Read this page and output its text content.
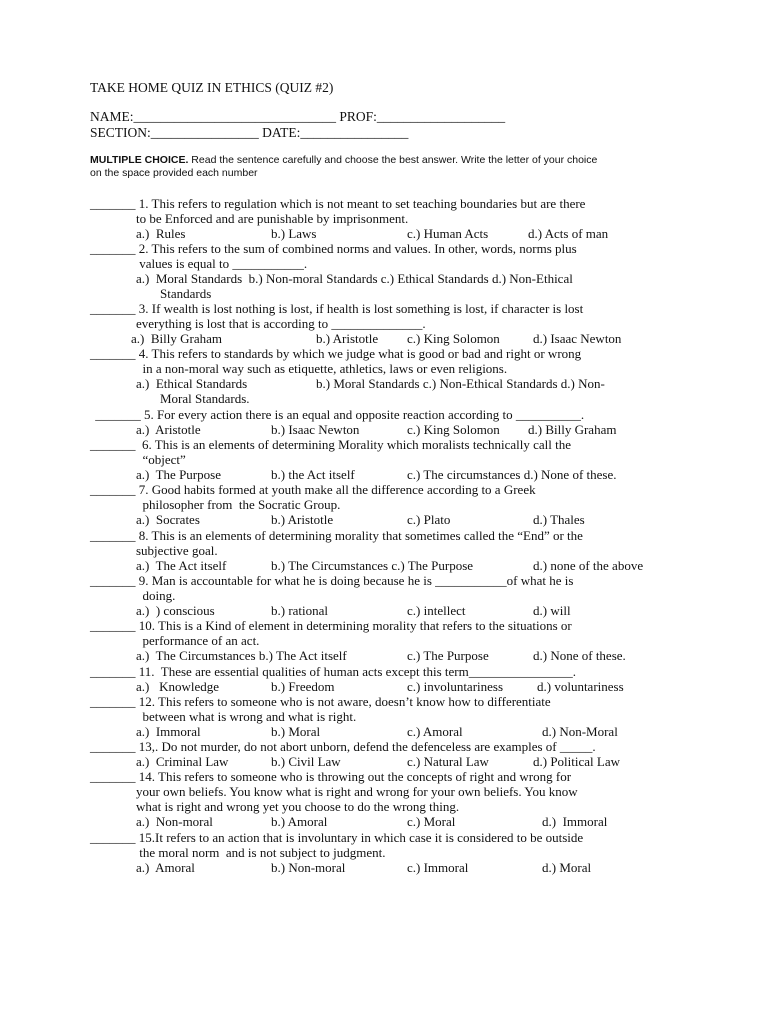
TAKE HOME QUIZ IN ETHICS (QUIZ #2)
NAME:______________________________ PROF:___________________
SECTION:________________ DATE:________________
MULTIPLE CHOICE. Read the sentence carefully and choose the best answer. Write the letter of your choice
on the space provided each number
_______ 1. This refers to regulation which is not meant to set teaching boundaries but are there
to be Enforced and are punishable by imprisonment.
a.)  Rules	b.) Laws	c.) Human Acts	d.) Acts of man
_______ 2. This refers to the sum of combined norms and values. In other, words, norms plus
values is equal to ___________.
a.)  Moral Standards  b.) Non-moral Standards c.) Ethical Standards d.) Non-Ethical
Standards
_______ 3. If wealth is lost nothing is lost, if health is lost something is lost, if character is lost
everything is lost that is according to ______________.
a.)  Billy Graham	b.) Aristotle c.) King Solomon	d.) Isaac Newton
_______ 4. This refers to standards by which we judge what is good or bad and right or wrong
in a non-moral way such as etiquette, athletics, laws or even religions.
a.)  Ethical Standards	b.) Moral Standards c.) Non-Ethical Standards d.) Non-
Moral Standards.
_______ 5. For every action there is an equal and opposite reaction according to __________.
a.)  Aristotle	b.) Isaac Newton	c.) King Solomon d.) Billy Graham
_______  6. This is an elements of determining Morality which moralists technically call the
“object”
a.)  The Purpose	b.) the Act itself	c.) The circumstances d.) None of these.
_______ 7. Good habits formed at youth make all the difference according to a Greek
philosopher from  the Socratic Group.
a.)  Socrates	b.) Aristotle	c.) Plato	d.) Thales
_______ 8. This is an elements of determining morality that sometimes called the “End” or the
subjective goal.
a.)  The Act itself	b.) The Circumstances c.) The Purpose	d.) none of the above
_______ 9. Man is accountable for what he is doing because he is ___________of what he is
doing.
a.)  ) conscious	b.) rational	c.) intellect	d.) will
_______ 10. This is a Kind of element in determining morality that refers to the situations or
performance of an act.
a.)  The Circumstances b.) The Act itself	c.) The Purpose	d.) None of these.
_______ 11.  These are essential qualities of human acts except this term________________.
a.)   Knowledge	b.) Freedom	c.) involuntariness	d.) voluntariness
_______ 12. This refers to someone who is not aware, doesn’t know how to differentiate
between what is wrong and what is right.
a.)  Immoral	b.) Moral	c.) Amoral	d.) Non-Moral
_______ 13,. Do not murder, do not abort unborn, defend the defenceless are examples of _____.
a.)  Criminal Law	b.) Civil Law	c.) Natural Law	d.) Political Law
_______ 14. This refers to someone who is throwing out the concepts of right and wrong for
your own beliefs. You know what is right and wrong for your own beliefs. You know
what is right and wrong yet you choose to do the wrong thing.
a.)  Non-moral	b.) Amoral	c.) Moral	d.)  Immoral
_______ 15.It refers to an action that is involuntary in which case it is considered to be outside
the moral norm  and is not subject to judgment.
a.)  Amoral	b.) Non-moral	c.) Immoral	d.) Moral
